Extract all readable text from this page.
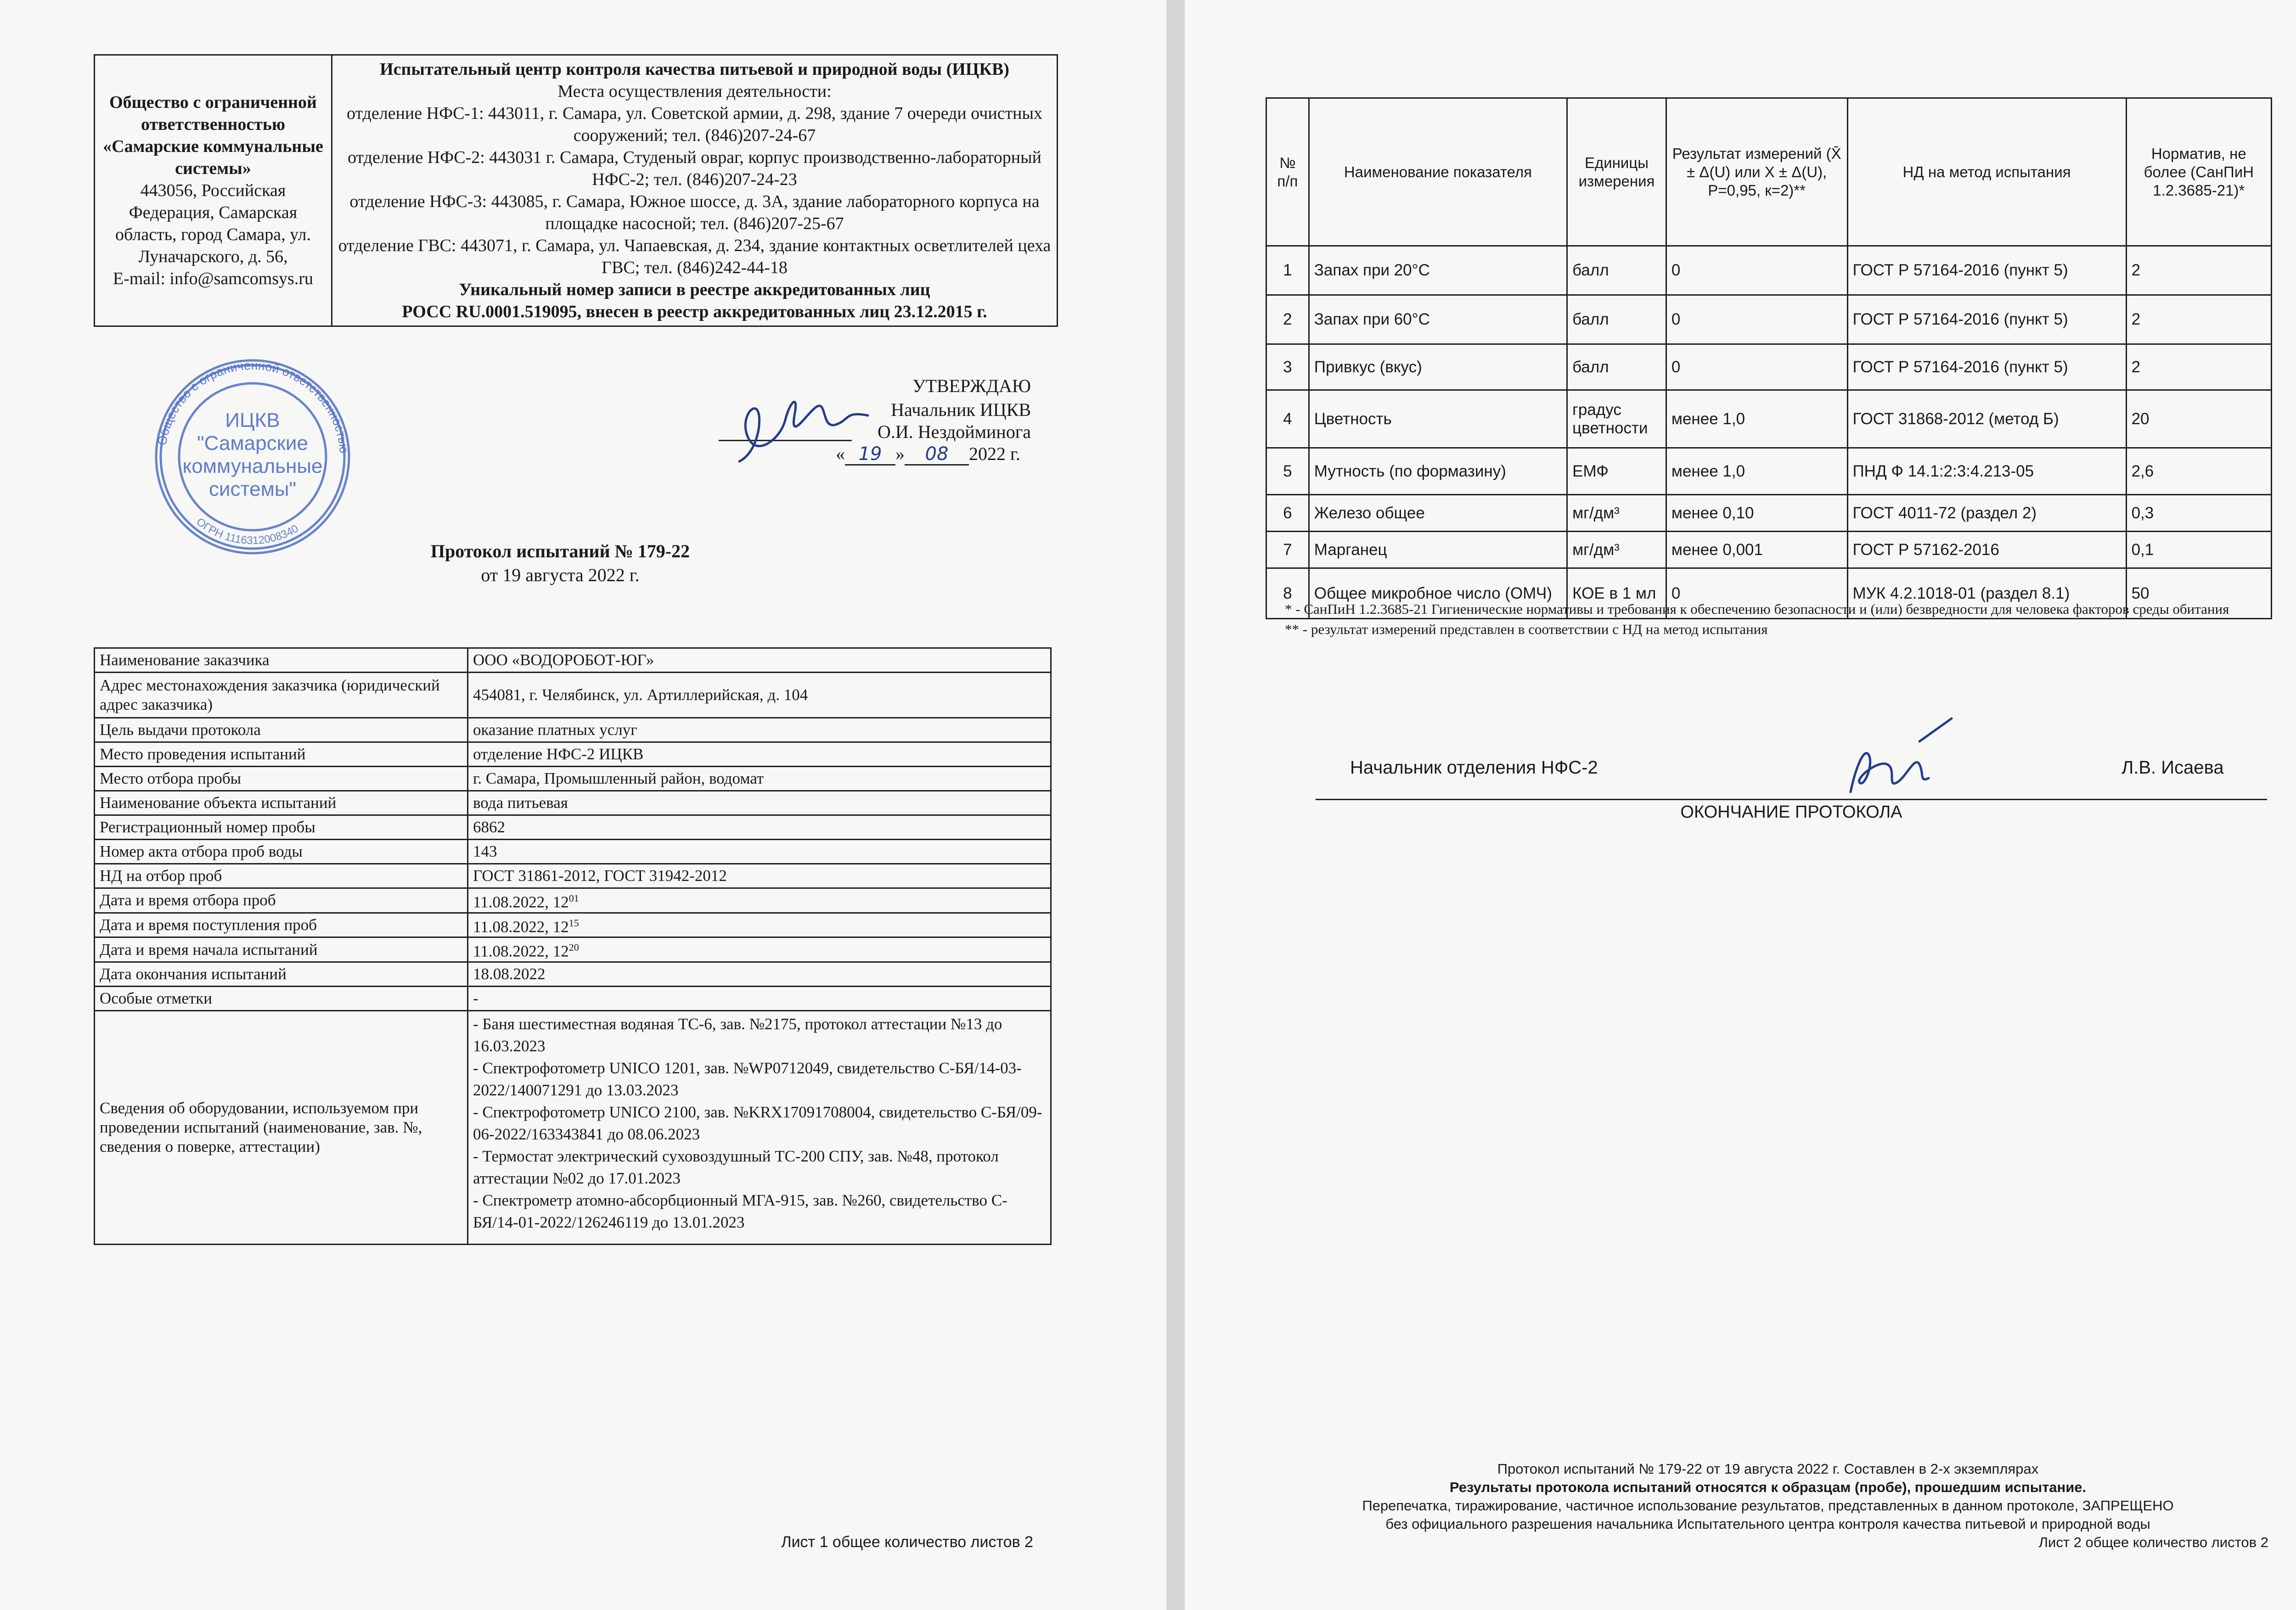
Общество с ограниченной ответственностью «Самарские коммунальные системы»
443056, Российская Федерация, Самарская область, город Самара, ул. Луначарского, д. 56,
E-mail: info@samcomsys.ru

Испытательный центр контроля качества питьевой и природной воды (ИЦКВ)
Места осуществления деятельности:
отделение НФС-1: 443011, г. Самара, ул. Советской армии, д. 298, здание 7 очереди очистных сооружений; тел. (846)207-24-67
отделение НФС-2: 443031 г. Самара, Студеный овраг, корпус производственно-лабораторный НФС-2; тел. (846)207-24-23
отделение НФС-3: 443085, г. Самара, Южное шоссе, д. 3А, здание лабораторного корпуса на площадке насосной; тел. (846)207-25-67
отделение ГВС: 443071, г. Самара, ул. Чапаевская, д. 234, здание контактных осветлителей цеха ГВС; тел. (846)242-44-18
Уникальный номер записи в реестре аккредитованных лиц
РОСС RU.0001.519095, внесен в реестр аккредитованных лиц 23.12.2015 г.
Общество с ограниченной ответственностью
ОГРН 1116312008340
ИЦКВ
"Самарские
коммунальные
системы"
УТВЕРЖДАЮ
Начальник ИЦКВ
О.И. Нездойминога
« 19 » 08 2022 г.
Протокол испытаний № 179-22
от 19 августа 2022 г.
Наименование заказчика	ООО «ВОДОРОБОТ-ЮГ»
Адрес местонахождения заказчика (юридический адрес заказчика)	454081, г. Челябинск, ул. Артиллерийская, д. 104
Цель выдачи протокола	оказание платных услуг
Место проведения испытаний	отделение НФС-2 ИЦКВ
Место отбора пробы	г. Самара, Промышленный район, водомат
Наименование объекта испытаний	вода питьевая
Регистрационный номер пробы	6862
Номер акта отбора проб воды	143
НД на отбор проб	ГОСТ 31861-2012, ГОСТ 31942-2012
Дата и время отбора проб	11.08.2022, $12^{01}$
Дата и время поступления проб	11.08.2022, $12^{15}$
Дата и время начала испытаний	11.08.2022, $12^{20}$
Дата окончания испытаний	18.08.2022
Особые отметки	-
Сведения об оборудовании, используемом при проведении испытаний (наименование, зав. №, сведения о поверке, аттестации)	- Баня шестиместная водяная ТС-6, зав. №2175, протокол аттестации №13 до 16.03.2023
- Спектрофотометр UNICO 1201, зав. №WP0712049, свидетельство С-БЯ/14-03-2022/140071291 до 13.03.2023
- Спектрофотометр UNICO 2100, зав. №KRX17091708004, свидетельство С-БЯ/09-06-2022/163343841 до 08.06.2023
- Термостат электрический суховоздушный ТС-200 СПУ, зав. №48, протокол аттестации №02 до 17.01.2023
- Спектрометр атомно-абсорбционный МГА-915, зав. №260, свидетельство С-БЯ/14-01-2022/126246119 до 13.01.2023
Лист 1 общее количество листов 2
№ п/п	Наименование показателя	Единицы измерения	Результат измерений (X̄ ± Δ(U) или X ± Δ(U), P=0,95, к=2)**	НД на метод испытания	Норматив, не более (СанПиН 1.2.3685-21)*
1	Запах при 20°С	балл	0	ГОСТ Р 57164-2016 (пункт 5)	2
2	Запах при 60°С	балл	0	ГОСТ Р 57164-2016 (пункт 5)	2
3	Привкус (вкус)	балл	0	ГОСТ Р 57164-2016 (пункт 5)	2
4	Цветность	градус цветности	менее 1,0	ГОСТ 31868-2012 (метод Б)	20
5	Мутность (по формазину)	ЕМФ	менее 1,0	ПНД Ф 14.1:2:3:4.213-05	2,6
6	Железо общее	мг/дм³	менее 0,10	ГОСТ 4011-72 (раздел 2)	0,3
7	Марганец	мг/дм³	менее 0,001	ГОСТ Р 57162-2016	0,1
8	Общее микробное число (ОМЧ)	КОЕ в 1 мл	0	МУК 4.2.1018-01 (раздел 8.1)	50
* - СанПиН 1.2.3685-21 Гигиенические нормативы и требования к обеспечению безопасности и (или) безвредности для человека факторов среды обитания
** - результат измерений представлен в соответствии с НД на метод испытания
Начальник отделения НФС-2	Л.В. Исаева
ОКОНЧАНИЕ ПРОТОКОЛА
Протокол испытаний № 179-22 от 19 августа 2022 г. Составлен в 2-х экземплярах
Результаты протокола испытаний относятся к образцам (пробе), прошедшим испытание.
Перепечатка, тиражирование, частичное использование результатов, представленных в данном протоколе, ЗАПРЕЩЕНО
без официального разрешения начальника Испытательного центра контроля качества питьевой и природной воды
Лист 2 общее количество листов 2
